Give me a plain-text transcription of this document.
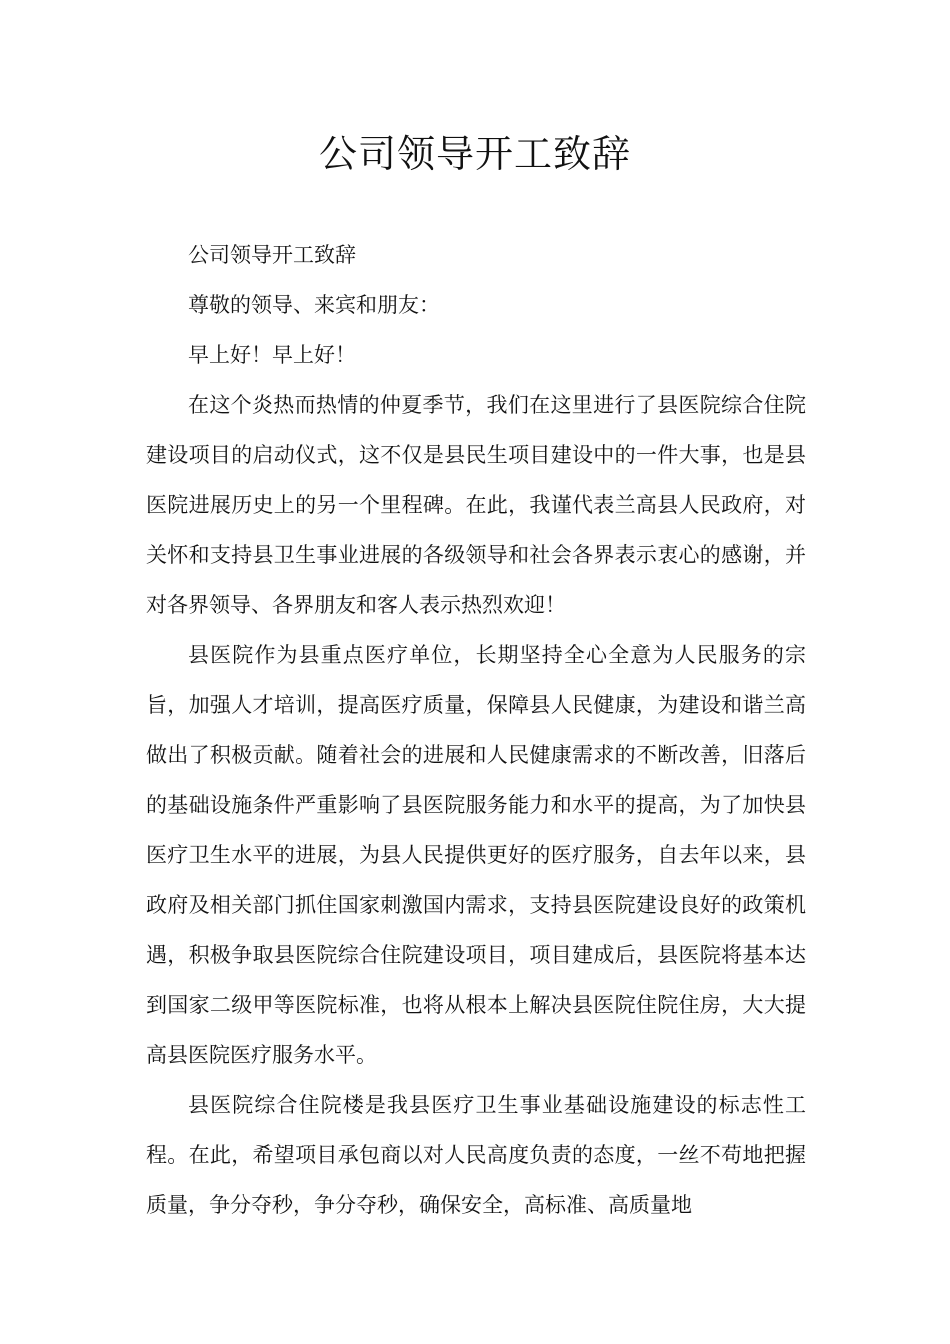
公司领导开工致辞

公司领导开工致辞

尊敬的领导、来宾和朋友：

早上好！早上好！

在这个炎热而热情的仲夏季节，我们在这里进行了县医院综合住院建设项目的启动仪式，这不仅是县民生项目建设中的一件大事，也是县医院进展历史上的另一个里程碑。在此，我谨代表兰高县人民政府，对关怀和支持县卫生事业进展的各级领导和社会各界表示衷心的感谢，并对各界领导、各界朋友和客人表示热烈欢迎！

县医院作为县重点医疗单位，长期坚持全心全意为人民服务的宗旨，加强人才培训，提高医疗质量，保障县人民健康，为建设和谐兰高做出了积极贡献。随着社会的进展和人民健康需求的不断改善，旧落后的基础设施条件严重影响了县医院服务能力和水平的提高，为了加快县医疗卫生水平的进展，为县人民提供更好的医疗服务，自去年以来，县政府及相关部门抓住国家刺激国内需求，支持县医院建设良好的政策机遇，积极争取县医院综合住院建设项目，项目建成后，县医院将基本达到国家二级甲等医院标准，也将从根本上解决县医院住院住房，大大提高县医院医疗服务水平。

县医院综合住院楼是我县医疗卫生事业基础设施建设的标志性工程。在此，希望项目承包商以对人民高度负责的态度，一丝不苟地把握质量，争分夺秒，争分夺秒，确保安全，高标准、高质量地
